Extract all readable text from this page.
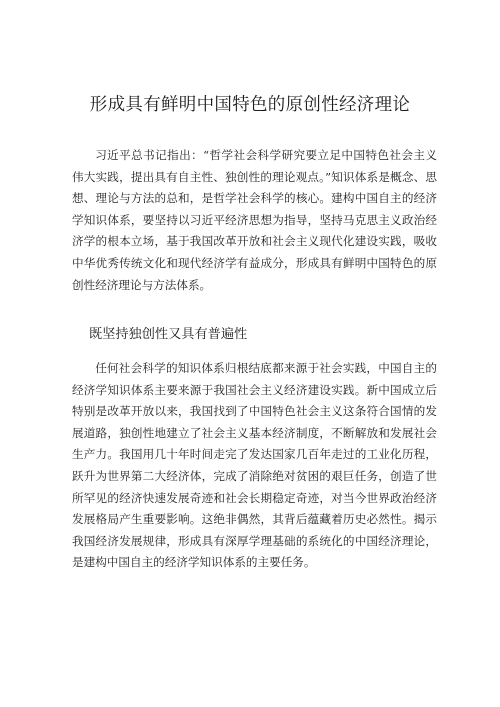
形成具有鲜明中国特色的原创性经济理论

习近平总书记指出：“哲学社会科学研究要立足中国特色社会主义伟大实践，提出具有自主性、独创性的理论观点。”知识体系是概念、思想、理论与方法的总和，是哲学社会科学的核心。建构中国自主的经济学知识体系，要坚持以习近平经济思想为指导，坚持马克思主义政治经济学的根本立场，基于我国改革开放和社会主义现代化建设实践，吸收中华优秀传统文化和现代经济学有益成分，形成具有鲜明中国特色的原创性经济理论与方法体系。

既坚持独创性又具有普遍性

任何社会科学的知识体系归根结底都来源于社会实践，中国自主的经济学知识体系主要来源于我国社会主义经济建设实践。新中国成立后特别是改革开放以来，我国找到了中国特色社会主义这条符合国情的发展道路，独创性地建立了社会主义基本经济制度，不断解放和发展社会生产力。我国用几十年时间走完了发达国家几百年走过的工业化历程，跃升为世界第二大经济体，完成了消除绝对贫困的艰巨任务，创造了世所罕见的经济快速发展奇迹和社会长期稳定奇迹，对当今世界政治经济发展格局产生重要影响。这绝非偶然，其背后蕴藏着历史必然性。揭示我国经济发展规律，形成具有深厚学理基础的系统化的中国经济理论，是建构中国自主的经济学知识体系的主要任务。
